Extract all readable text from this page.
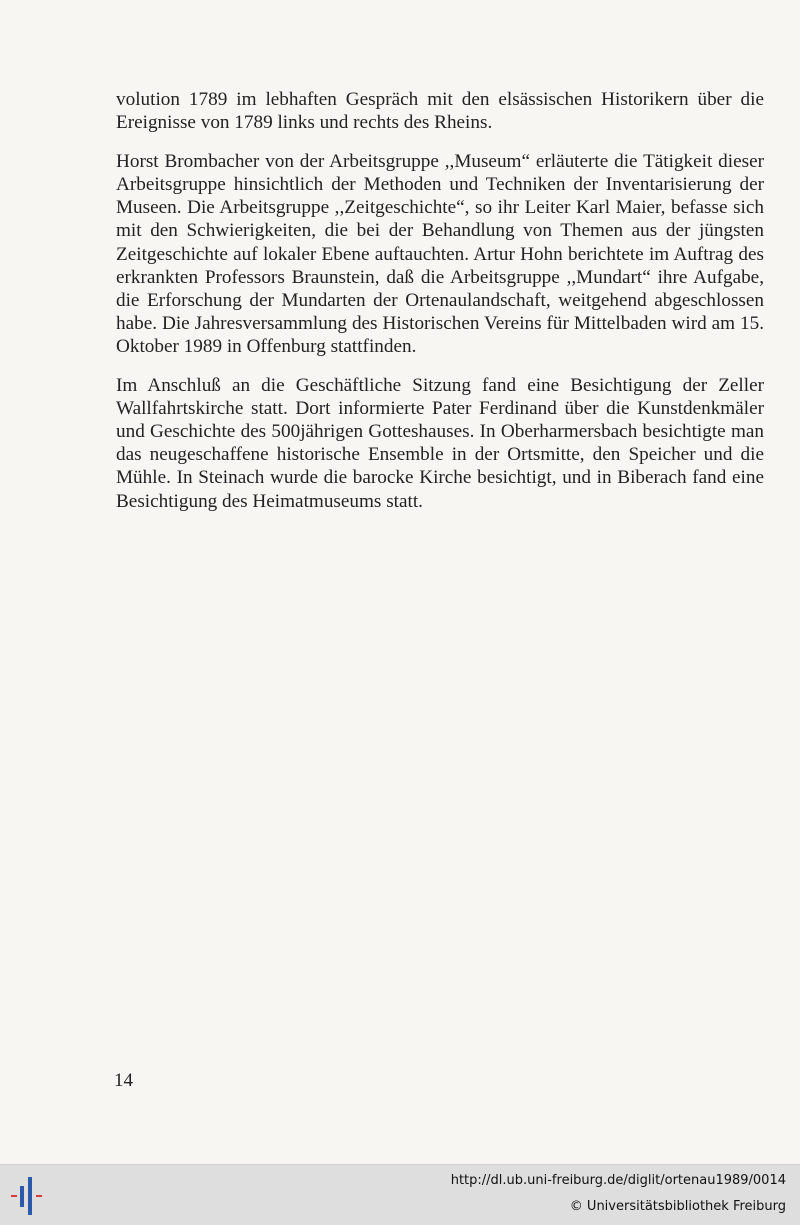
volution 1789 im lebhaften Gespräch mit den elsässischen Historikern über die Ereignisse von 1789 links und rechts des Rheins.

Horst Brombacher von der Arbeitsgruppe ,,Museum“ erläuterte die Tätigkeit dieser Arbeitsgruppe hinsichtlich der Methoden und Techniken der Inventarisierung der Museen. Die Arbeitsgruppe ,,Zeitgeschichte“, so ihr Leiter Karl Maier, befasse sich mit den Schwierigkeiten, die bei der Behandlung von Themen aus der jüngsten Zeitgeschichte auf lokaler Ebene auftauchten. Artur Hohn berichtete im Auftrag des erkrankten Professors Braunstein, daß die Arbeitsgruppe ,,Mundart“ ihre Aufgabe, die Erforschung der Mundarten der Ortenaulandschaft, weitgehend abgeschlossen habe. Die Jahresversammlung des Historischen Vereins für Mittelbaden wird am 15. Oktober 1989 in Offenburg stattfinden.

Im Anschluß an die Geschäftliche Sitzung fand eine Besichtigung der Zeller Wallfahrtskirche statt. Dort informierte Pater Ferdinand über die Kunstdenkmäler und Geschichte des 500jährigen Gotteshauses. In Oberharmersbach besichtigte man das neugeschaffene historische Ensemble in der Ortsmitte, den Speicher und die Mühle. In Steinach wurde die barocke Kirche besichtigt, und in Biberach fand eine Besichtigung des Heimatmuseums statt.

14
http://dl.ub.uni-freiburg.de/diglit/ortenau1989/0014
© Universitätsbibliothek Freiburg
